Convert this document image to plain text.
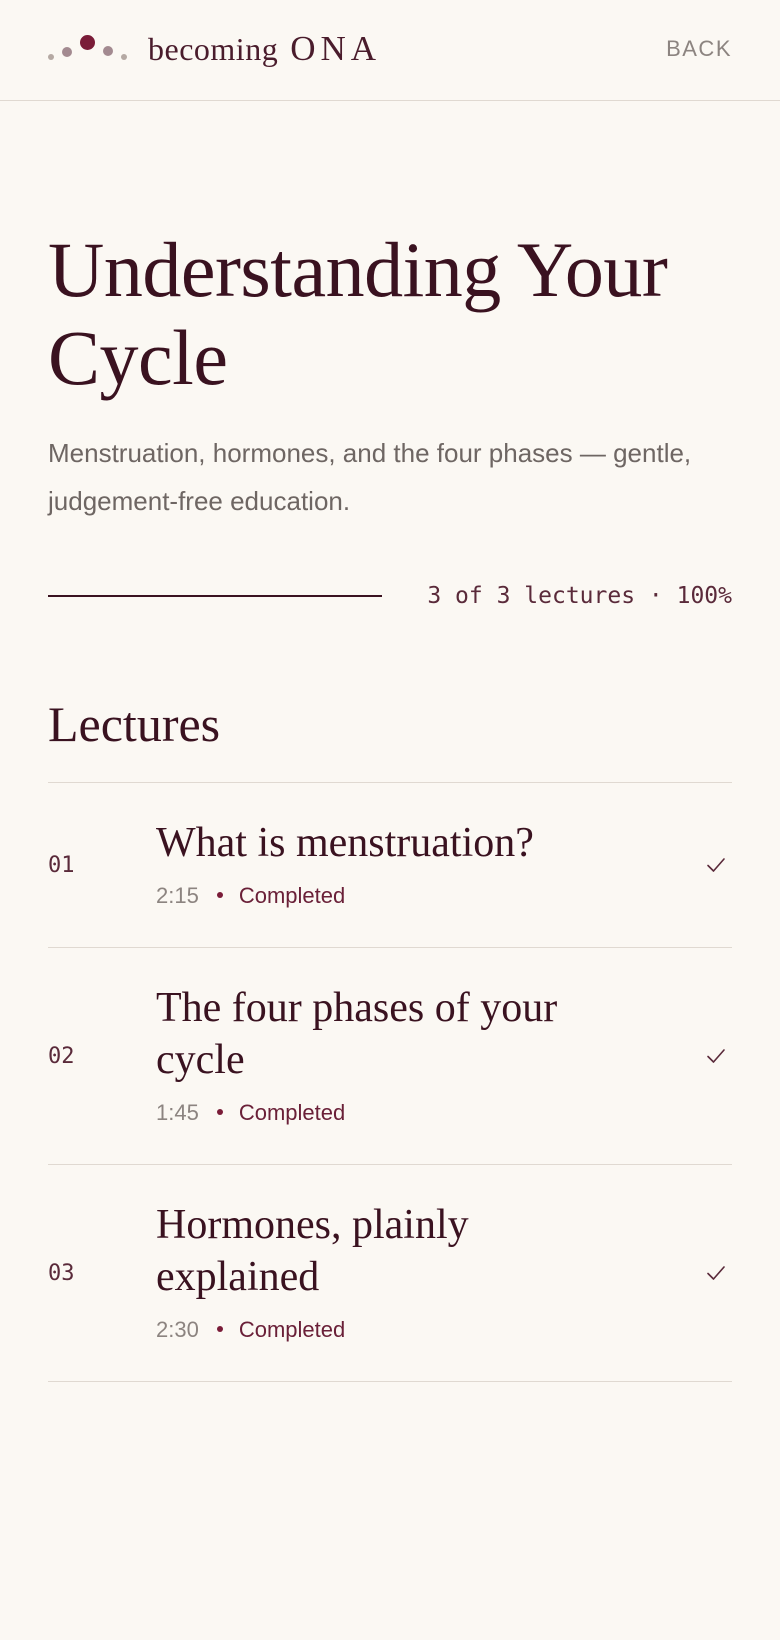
becoming ONA	BACK
Understanding Your Cycle

Menstruation, hormones, and the four phases — gentle, judgement-free education.

3 of 3 lectures · 100%
Lectures
01	What is menstruation?
2:15 Completed
02
The four phases of your cycle
1:45 Completed
03
Hormones, plainly explained
2:30 Completed
